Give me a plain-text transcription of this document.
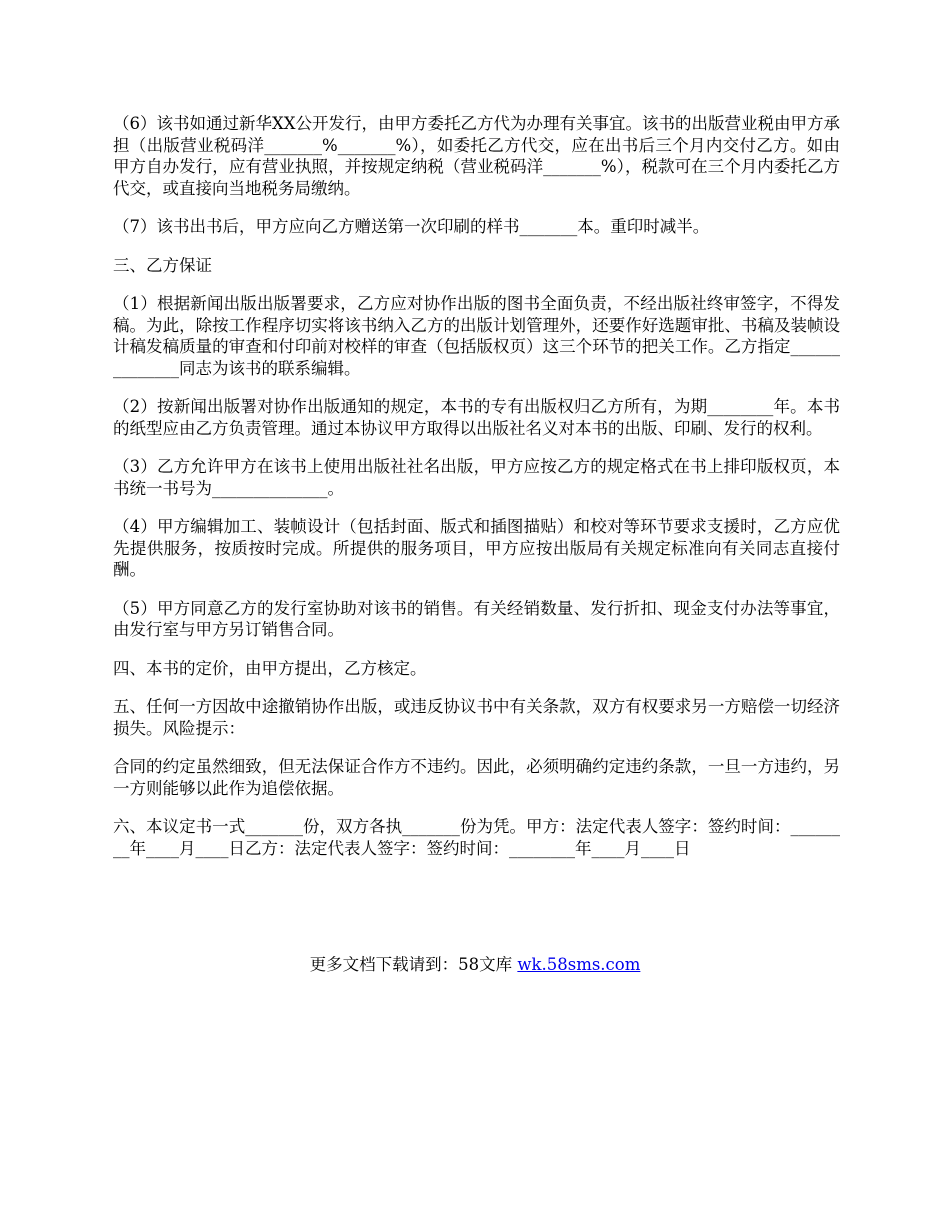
（6）该书如通过新华XX公开发行，由甲方委托乙方代为办理有关事宜。该书的出版营业税由甲方承担（出版营业税码洋_______%_______%），如委托乙方代交，应在出书后三个月内交付乙方。如由甲方自办发行，应有营业执照，并按规定纳税（营业税码洋_______%），税款可在三个月内委托乙方代交，或直接向当地税务局缴纳。

（7）该书出书后，甲方应向乙方赠送第一次印刷的样书_______本。重印时减半。

三、乙方保证

（1）根据新闻出版出版署要求，乙方应对协作出版的图书全面负责，不经出版社终审签字，不得发稿。为此，除按工作程序切实将该书纳入乙方的出版计划管理外，还要作好选题审批、书稿及装帧设计稿发稿质量的审查和付印前对校样的审查（包括版权页）这三个环节的把关工作。乙方指定______________同志为该书的联系编辑。

（2）按新闻出版署对协作出版通知的规定，本书的专有出版权归乙方所有，为期________年。本书的纸型应由乙方负责管理。通过本协议甲方取得以出版社名义对本书的出版、印刷、发行的权利。

（3）乙方允许甲方在该书上使用出版社社名出版，甲方应按乙方的规定格式在书上排印版权页，本书统一书号为______________。

（4）甲方编辑加工、装帧设计（包括封面、版式和插图描贴）和校对等环节要求支援时，乙方应优先提供服务，按质按时完成。所提供的服务项目，甲方应按出版局有关规定标准向有关同志直接付酬。

（5）甲方同意乙方的发行室协助对该书的销售。有关经销数量、发行折扣、现金支付办法等事宜，由发行室与甲方另订销售合同。

四、本书的定价，由甲方提出，乙方核定。

五、任何一方因故中途撤销协作出版，或违反协议书中有关条款，双方有权要求另一方赔偿一切经济损失。风险提示：

合同的约定虽然细致，但无法保证合作方不违约。因此，必须明确约定违约条款，一旦一方违约，另一方则能够以此作为追偿依据。

六、本议定书一式_______份，双方各执_______份为凭。甲方：法定代表人签字：签约时间：________年____月____日乙方：法定代表人签字：签约时间：________年____月____日

更多文档下载请到：58文库 wk.58sms.com
